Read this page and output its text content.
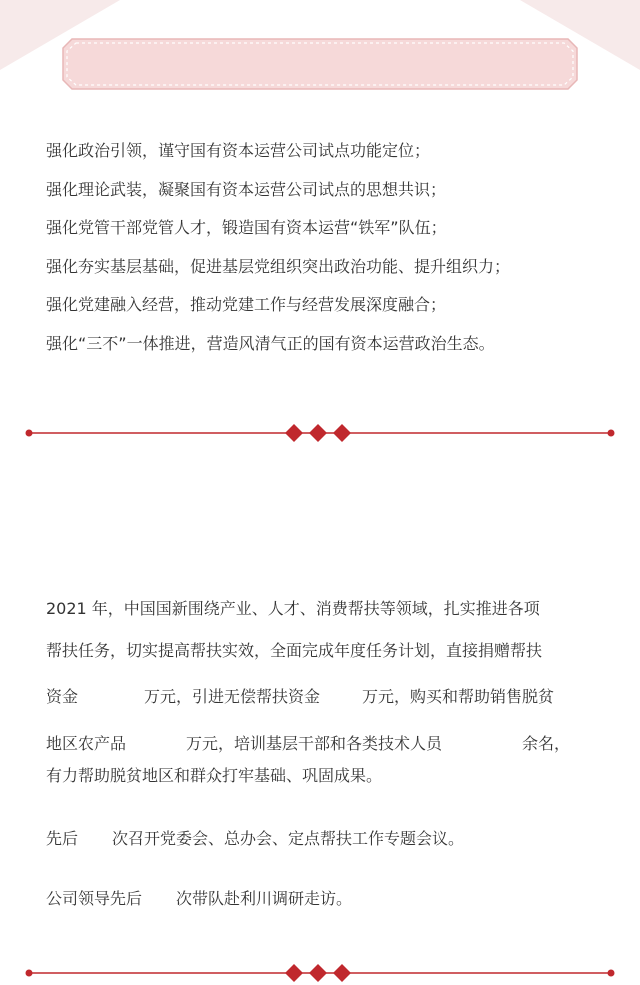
强化政治引领，谨守国有资本运营公司试点功能定位；
强化理论武装，凝聚国有资本运营公司试点的思想共识；
强化党管干部党管人才，锻造国有资本运营“铁军”队伍；
强化夯实基层基础，促进基层党组织突出政治功能、提升组织力；
强化党建融入经营，推动党建工作与经营发展深度融合；
强化“三不”一体推进，营造风清气正的国有资本运营政治生态。
2021 年，中国国新围绕产业、人才、消费帮扶等领域，扎实推进各项
帮扶任务，切实提高帮扶实效，全面完成年度任务计划，直接捐赠帮扶
资金	万元，引进无偿帮扶资金	万元，购买和帮助销售脱贫
地区农产品	万元，培训基层干部和各类技术人员	余名，
有力帮助脱贫地区和群众打牢基础、巩固成果。
先后 次召开党委会、总办会、定点帮扶工作专题会议。
公司领导先后 次带队赴利川调研走访。
